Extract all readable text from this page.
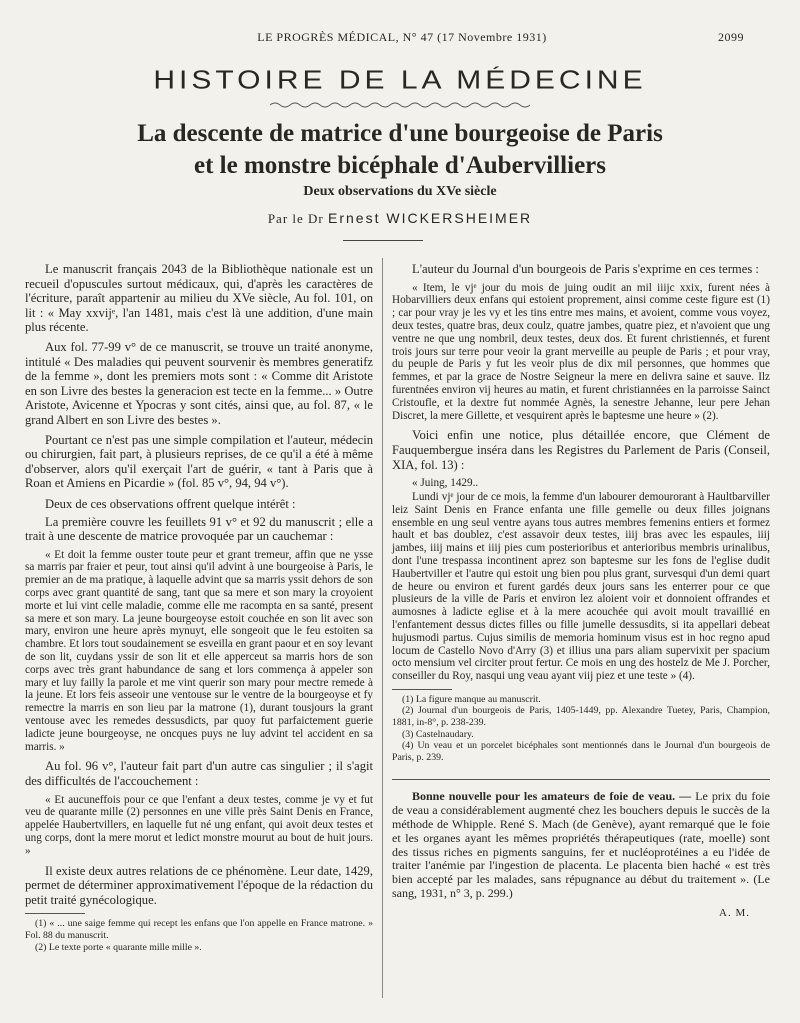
LE PROGRÈS MÉDICAL, N° 47 (17 Novembre 1931)	2099
HISTOIRE DE LA MÉDECINE

La descente de matrice d'une bourgeoise de Paris

et le monstre bicéphale d'Aubervilliers

Deux observations du XVe siècle
Par le Dr Ernest WICKERSHEIMER

Le manuscrit français 2043 de la Bibliothèque nationale est un recueil d'opuscules surtout médicaux, qui, d'après les caractères de l'écriture, paraît appartenir au milieu du XVe siècle, Au fol. 101, on lit : « May xxvijᵉ, l'an 1481, mais c'est là une addition, d'une main plus récente.

Aux fol. 77-99 v° de ce manuscrit, se trouve un traité anonyme, intitulé « Des maladies qui peuvent sourvenir ès membres generatifz de la femme », dont les premiers mots sont : « Comme dit Aristote en son Livre des bestes la generacion est tecte en la femme... » Outre Aristote, Avicenne et Ypocras y sont cités, ainsi que, au fol. 87, « le grand Albert en son Livre des bestes ».

Pourtant ce n'est pas une simple compilation et l'auteur, médecin ou chirurgien, fait part, à plusieurs reprises, de ce qu'il a été à même d'observer, alors qu'il exerçait l'art de guérir, « tant à Paris que à Roan et Amiens en Picardie » (fol. 85 v°, 94, 94 v°).

Deux de ces observations offrent quelque intérêt :

La première couvre les feuillets 91 v° et 92 du manuscrit ; elle a trait à une descente de matrice provoquée par un cauchemar :

« Et doit la femme ouster toute peur et grant tremeur, affin que ne ysse sa marris par fraier et peur, tout ainsi qu'il advint à une bourgeoise à Paris, le premier an de ma pratique, à laquelle advint que sa marris yssit dehors de son corps avec grant quantité de sang, tant que sa mere et son mary la croyoient morte et lui vint celle maladie, comme elle me racompta en sa santé, present sa mere et son mary. La jeune bourgeoyse estoit couchée en son lit avec son mary, environ une heure après mynuyt, elle songeoit que le feu estoiten sa chambre. Et lors tout soudainement se esveilla en grant paour et en soy levant de son lit, cuydans yssir de son lit et elle apperceut sa marris hors de son corps avec très grant habundance de sang et lors commença à appeler son mary et luy failly la parole et me vint querir son mary pour mectre remede à la jeune. Et lors feis asseoir une ventouse sur le ventre de la bourgeoyse et fy remectre la marris en son lieu par la matrone (1), durant tousjours la grant ventouse avec les remedes dessusdicts, par quoy fut parfaictement guerie ladicte jeune bourgeoyse, ne oncques puys ne luy advint tel accident en sa marris. »

Au fol. 96 v°, l'auteur fait part d'un autre cas singulier ; il s'agit des difficultés de l'accouchement :

« Et aucuneffois pour ce que l'enfant a deux testes, comme je vy et fut veu de quarante mille (2) personnes en une ville près Saint Denis en France, appelée Haubertvillers, en laquelle fut né ung enfant, qui avoit deux testes et ung corps, dont la mere morut et ledict monstre mourut au bout de huit jours. »

Il existe deux autres relations de ce phénomène. Leur date, 1429, permet de déterminer approximativement l'époque de la rédaction du petit traité gynécologique.

(1) « ... une saige femme qui recept les enfans que l'on appelle en France matrone. » Fol. 88 du manuscrit.

(2) Le texte porte « quarante mille mille ».

L'auteur du Journal d'un bourgeois de Paris s'exprime en ces termes :

« Item, le vjᵉ jour du mois de juing oudit an mil iiijc xxix, furent nées à Hobarvilliers deux enfans qui estoient proprement, ainsi comme ceste figure est (1) ; car pour vray je les vy et les tins entre mes mains, et avoient, comme vous voyez, deux testes, quatre bras, deux coulz, quatre jambes, quatre piez, et n'avoient que ung ventre ne que ung nombril, deux testes, deux dos. Et furent christiennés, et furent trois jours sur terre pour veoir la grant merveille au peuple de Paris ; et pour vray, du peuple de Paris y fut les veoir plus de dix mil personnes, que hommes que femmes, et par la grace de Nostre Seigneur la mere en delivra saine et sauve. Ilz furentnées environ vij heures au matin, et furent christiannées en la parroisse Sainct Cristoufle, et la dextre fut nommée Agnès, la senestre Jehanne, leur pere Jehan Discret, la mere Gillette, et vesquirent après le baptesme une heure » (2).

Voici enfin une notice, plus détaillée encore, que Clément de Fauquembergue inséra dans les Registres du Parlement de Paris (Conseil, XIA, fol. 13) :

« Juing, 1429..

Lundi vjᵉ jour de ce mois, la femme d'un labourer demourorant à Haultbarviller leiz Saint Denis en France enfanta une fille gemelle ou deux filles joignans ensemble en ung seul ventre ayans tous autres membres femenins entiers et formez hault et bas doublez, c'est assavoir deux testes, iiij bras avec les espaules, iiij jambes, iiij mains et iiij pies cum posterioribus et anterioribus membris urinalibus, dont l'une trespassa incontinent aprez son baptesme sur les fons de l'eglise dudit Haubertviller et l'autre qui estoit ung bien pou plus grant, survesqui d'un demi quart de heure ou environ et furent gardés deux jours sans les enterrer pour ce que plusieurs de la ville de Paris et environ lez aloient voir et donnoient offrandes et aumosnes à ladicte eglise et à la mere acouchée qui avoit moult travaillié en l'enfantement dessus dictes filles ou fille jumelle dessusdits, si ita appellari debeat hujusmodi partus. Cujus similis de memoria hominum visus est in hoc regno apud locum de Castello Novo d'Arry (3) et illius una pars aliam supervixit per spacium octo mensium vel circiter prout fertur. Ce mois en ung des hostelz de Me J. Porcher, conseiller du Roy, nasqui ung veau ayant viij piez et une teste » (4).

(1) La figure manque au manuscrit.

(2) Journal d'un bourgeois de Paris, 1405-1449, pp. Alexandre Tuetey, Paris, Champion, 1881, in-8°, p. 238-239.

(3) Castelnaudary.

(4) Un veau et un porcelet bicéphales sont mentionnés dans le Journal d'un bourgeois de Paris, p. 239.

Bonne nouvelle pour les amateurs de foie de veau. — Le prix du foie de veau a considérablement augmenté chez les bouchers depuis le succès de la méthode de Whipple. René S. Mach (de Genève), ayant remarqué que le foie et les organes ayant les mêmes propriétés thérapeutiques (rate, moelle) sont des tissus riches en pigments sanguins, fer et nucléoprotéines a eu l'idée de traiter l'anémie par l'ingestion de placenta. Le placenta bien haché « est très bien accepté par les malades, sans répugnance au début du traitement ». (Le sang, 1931, n° 3, p. 299.)

A. M.
